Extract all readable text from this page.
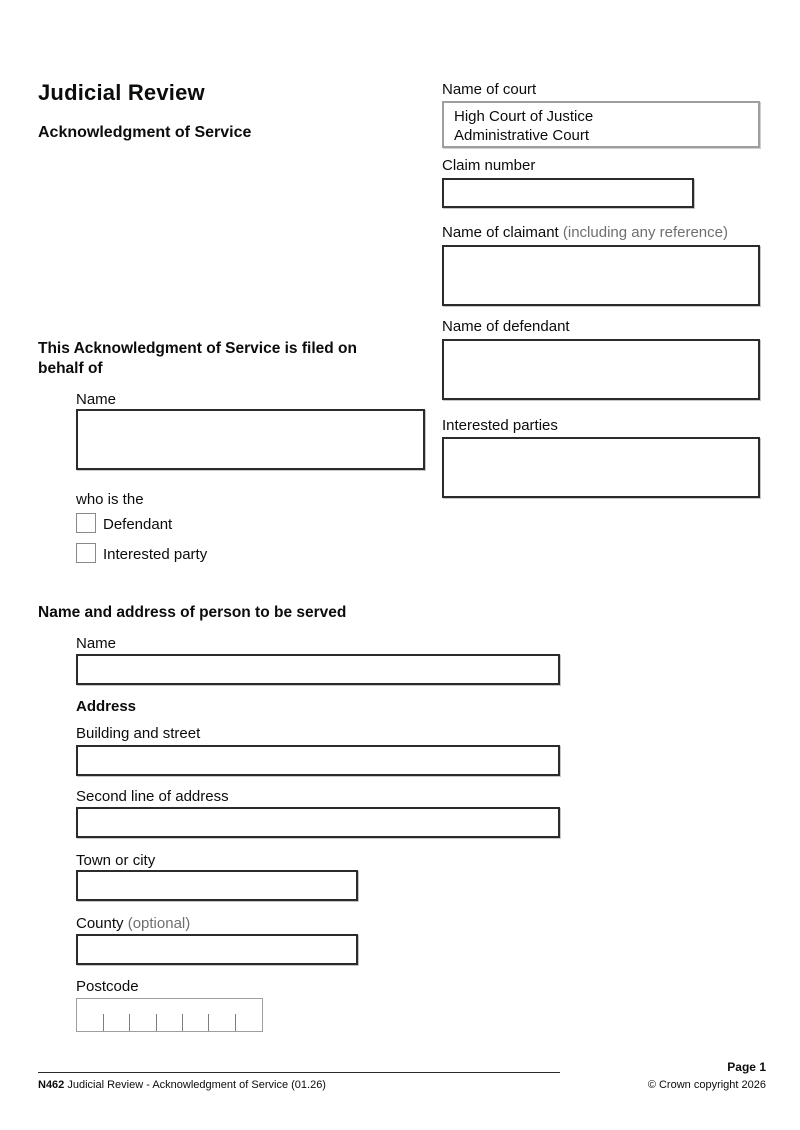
Judicial Review
Acknowledgment of Service
Name of court
High Court of Justice
Administrative Court
Claim number
Name of claimant (including any reference)
Name of defendant
Interested parties
This Acknowledgment of Service is filed on behalf of
Name
who is the
Defendant
Interested party
Name and address of person to be served
Name
Address
Building and street
Second line of address
Town or city
County (optional)
Postcode
Page 1
N462 Judicial Review - Acknowledgment of Service (01.26)	© Crown copyright 2026
